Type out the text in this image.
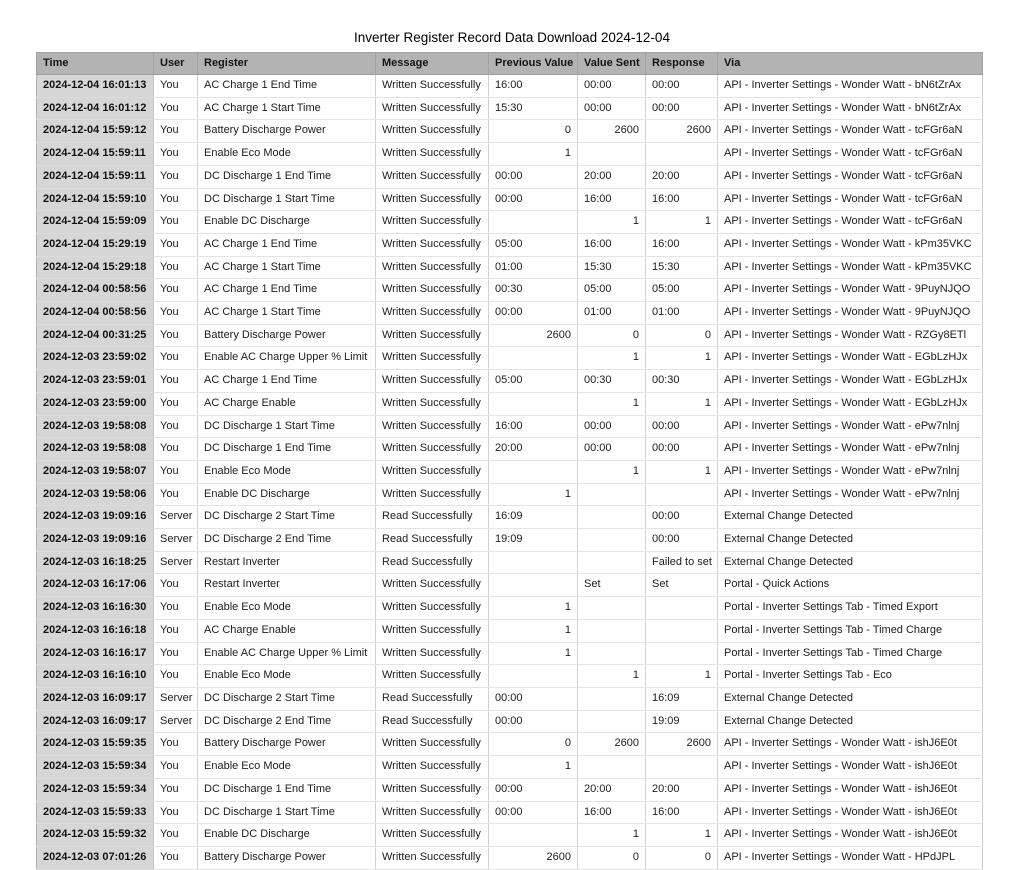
Inverter Register Record Data Download 2024-12-04
Time	User	Register	Message	Previous Value	Value Sent	Response	Via
2024-12-04 16:01:13	You	AC Charge 1 End Time	Written Successfully	16:00	00:00	00:00	API - Inverter Settings - Wonder Watt - bN6tZrAx
2024-12-04 16:01:12	You	AC Charge 1 Start Time	Written Successfully	15:30	00:00	00:00	API - Inverter Settings - Wonder Watt - bN6tZrAx
2024-12-04 15:59:12	You	Battery Discharge Power	Written Successfully	0	2600	2600	API - Inverter Settings - Wonder Watt - tcFGr6aN
2024-12-04 15:59:11	You	Enable Eco Mode	Written Successfully	1			API - Inverter Settings - Wonder Watt - tcFGr6aN
2024-12-04 15:59:11	You	DC Discharge 1 End Time	Written Successfully	00:00	20:00	20:00	API - Inverter Settings - Wonder Watt - tcFGr6aN
2024-12-04 15:59:10	You	DC Discharge 1 Start Time	Written Successfully	00:00	16:00	16:00	API - Inverter Settings - Wonder Watt - tcFGr6aN
2024-12-04 15:59:09	You	Enable DC Discharge	Written Successfully		1	1	API - Inverter Settings - Wonder Watt - tcFGr6aN
2024-12-04 15:29:19	You	AC Charge 1 End Time	Written Successfully	05:00	16:00	16:00	API - Inverter Settings - Wonder Watt - kPm35VKC
2024-12-04 15:29:18	You	AC Charge 1 Start Time	Written Successfully	01:00	15:30	15:30	API - Inverter Settings - Wonder Watt - kPm35VKC
2024-12-04 00:58:56	You	AC Charge 1 End Time	Written Successfully	00:30	05:00	05:00	API - Inverter Settings - Wonder Watt - 9PuyNJQO
2024-12-04 00:58:56	You	AC Charge 1 Start Time	Written Successfully	00:00	01:00	01:00	API - Inverter Settings - Wonder Watt - 9PuyNJQO
2024-12-04 00:31:25	You	Battery Discharge Power	Written Successfully	2600	0	0	API - Inverter Settings - Wonder Watt - RZGy8ETl
2024-12-03 23:59:02	You	Enable AC Charge Upper % Limit	Written Successfully		1	1	API - Inverter Settings - Wonder Watt - EGbLzHJx
2024-12-03 23:59:01	You	AC Charge 1 End Time	Written Successfully	05:00	00:30	00:30	API - Inverter Settings - Wonder Watt - EGbLzHJx
2024-12-03 23:59:00	You	AC Charge Enable	Written Successfully		1	1	API - Inverter Settings - Wonder Watt - EGbLzHJx
2024-12-03 19:58:08	You	DC Discharge 1 Start Time	Written Successfully	16:00	00:00	00:00	API - Inverter Settings - Wonder Watt - ePw7nlnj
2024-12-03 19:58:08	You	DC Discharge 1 End Time	Written Successfully	20:00	00:00	00:00	API - Inverter Settings - Wonder Watt - ePw7nlnj
2024-12-03 19:58:07	You	Enable Eco Mode	Written Successfully		1	1	API - Inverter Settings - Wonder Watt - ePw7nlnj
2024-12-03 19:58:06	You	Enable DC Discharge	Written Successfully	1			API - Inverter Settings - Wonder Watt - ePw7nlnj
2024-12-03 19:09:16	Server	DC Discharge 2 Start Time	Read Successfully	16:09		00:00	External Change Detected
2024-12-03 19:09:16	Server	DC Discharge 2 End Time	Read Successfully	19:09		00:00	External Change Detected
2024-12-03 16:18:25	Server	Restart Inverter	Read Successfully			Failed to set	External Change Detected
2024-12-03 16:17:06	You	Restart Inverter	Written Successfully		Set	Set	Portal - Quick Actions
2024-12-03 16:16:30	You	Enable Eco Mode	Written Successfully	1			Portal - Inverter Settings Tab - Timed Export
2024-12-03 16:16:18	You	AC Charge Enable	Written Successfully	1			Portal - Inverter Settings Tab - Timed Charge
2024-12-03 16:16:17	You	Enable AC Charge Upper % Limit	Written Successfully	1			Portal - Inverter Settings Tab - Timed Charge
2024-12-03 16:16:10	You	Enable Eco Mode	Written Successfully		1	1	Portal - Inverter Settings Tab - Eco
2024-12-03 16:09:17	Server	DC Discharge 2 Start Time	Read Successfully	00:00		16:09	External Change Detected
2024-12-03 16:09:17	Server	DC Discharge 2 End Time	Read Successfully	00:00		19:09	External Change Detected
2024-12-03 15:59:35	You	Battery Discharge Power	Written Successfully	0	2600	2600	API - Inverter Settings - Wonder Watt - ishJ6E0t
2024-12-03 15:59:34	You	Enable Eco Mode	Written Successfully	1			API - Inverter Settings - Wonder Watt - ishJ6E0t
2024-12-03 15:59:34	You	DC Discharge 1 End Time	Written Successfully	00:00	20:00	20:00	API - Inverter Settings - Wonder Watt - ishJ6E0t
2024-12-03 15:59:33	You	DC Discharge 1 Start Time	Written Successfully	00:00	16:00	16:00	API - Inverter Settings - Wonder Watt - ishJ6E0t
2024-12-03 15:59:32	You	Enable DC Discharge	Written Successfully		1	1	API - Inverter Settings - Wonder Watt - ishJ6E0t
2024-12-03 07:01:26	You	Battery Discharge Power	Written Successfully	2600	0	0	API - Inverter Settings - Wonder Watt - HPdJPL
